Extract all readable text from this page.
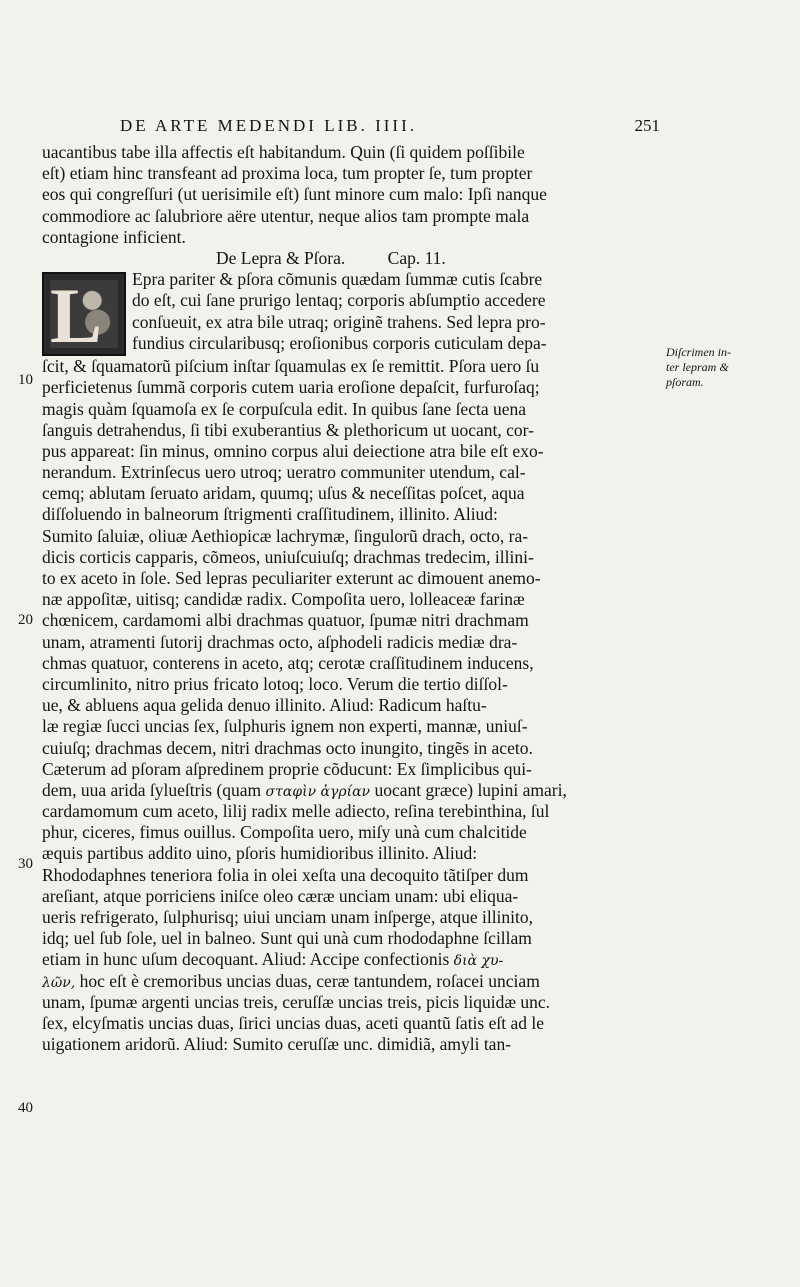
DE ARTE MEDENDI LIB. IIII.	251
10
20
30
40
Diſcrimen in-
ter lepram &
pſoram.
uacantibus tabe illa affectis eſt habitandum. Quin (ſi quidem poſſibile
eſt) etiam hinc transfeant ad proxima loca, tum propter ſe, tum propter
eos qui congreſſuri (ut uerisimile eſt) ſunt minore cum malo: Ipſi nanque
commodiore ac ſalubriore aëre utentur, neque alios tam prompte mala
contagione inficient.
De Lepra & Pſora. Cap. 11.
L Epra pariter & pſora cõmunis quædam ſummæ cutis ſcabre
do eſt, cui ſane prurigo lentaq; corporis abſumptio accedere
conſueuit, ex atra bile utraq; originẽ trahens. Sed lepra pro-
fundius circularibusq; eroſionibus corporis cuticulam depa-
ſcit, & ſquamatorũ piſcium inſtar ſquamulas ex ſe remittit. Pſora uero ſu
perficietenus ſummã corporis cutem uaria eroſione depaſcit, furfuroſaq;
magis quàm ſquamoſa ex ſe corpuſcula edit. In quibus ſane ſecta uena
ſanguis detrahendus, ſi tibi exuberantius & plethoricum ut uocant, cor-
pus appareat: ſin minus, omnino corpus alui deiectione atra bile eſt exo-
nerandum. Extrinſecus uero utroq; ueratro communiter utendum, cal-
cemq; ablutam ſeruato aridam, quumq; uſus & neceſſitas poſcet, aqua
diſſoluendo in balneorum ſtrigmenti craſſitudinem, illinito. Aliud:
Sumito ſaluiæ, oliuæ Aethiopicæ lachrymæ, ſingulorũ drach, octo, ra-
dicis corticis capparis, cõmeos, uniuſcuiuſq; drachmas tredecim, illini-
to ex aceto in ſole. Sed lepras peculiariter exterunt ac dimouent anemo-
næ appoſitæ, uitisq; candidæ radix. Compoſita uero, lolleaceæ farinæ
chœnicem, cardamomi albi drachmas quatuor, ſpumæ nitri drachmam
unam, atramenti ſutorij drachmas octo, aſphodeli radicis mediæ dra-
chmas quatuor, conterens in aceto, atq; cerotæ craſſitudinem inducens,
circumlinito, nitro prius fricato lotoq; loco. Verum die tertio diſſol-
ue, & abluens aqua gelida denuo illinito. Aliud: Radicum haſtu-
læ regiæ ſucci uncias ſex, ſulphuris ignem non experti, mannæ, uniuſ-
cuiuſq; drachmas decem, nitri drachmas octo inungito, tingẽs in aceto.
Cæterum ad pſoram aſpredinem proprie cõducunt: Ex ſimplicibus qui-
dem, uua arida ſylueſtris (quam σταφὶν ἀγρίαν uocant græce) lupini amari,
cardamomum cum aceto, lilij radix melle adiecto, reſina terebinthina, ſul
phur, ciceres, fimus ouillus. Compoſita uero, miſy unà cum chalcitide
æquis partibus addito uino, pſoris humidioribus illinito. Aliud:
Rhododaphnes teneriora folia in olei xeſta una decoquito tãtiſper dum
areſiant, atque porriciens iniſce oleo cæræ unciam unam: ubi eliqua-
ueris refrigerato, ſulphurisq; uiui unciam unam inſperge, atque illinito,
idq; uel ſub ſole, uel in balneo. Sunt qui unà cum rhododaphne ſcillam
etiam in hunc uſum decoquant. Aliud: Accipe confectionis διὰ χυ-
λῶν, hoc eſt è cremoribus uncias duas, ceræ tantundem, roſacei unciam
unam, ſpumæ argenti uncias treis, ceruſſæ uncias treis, picis liquidæ unc.
ſex, elcyſmatis uncias duas, ſirici uncias duas, aceti quantũ ſatis eſt ad le
uigationem aridorũ. Aliud: Sumito ceruſſæ unc. dimidiã, amyli tan-
